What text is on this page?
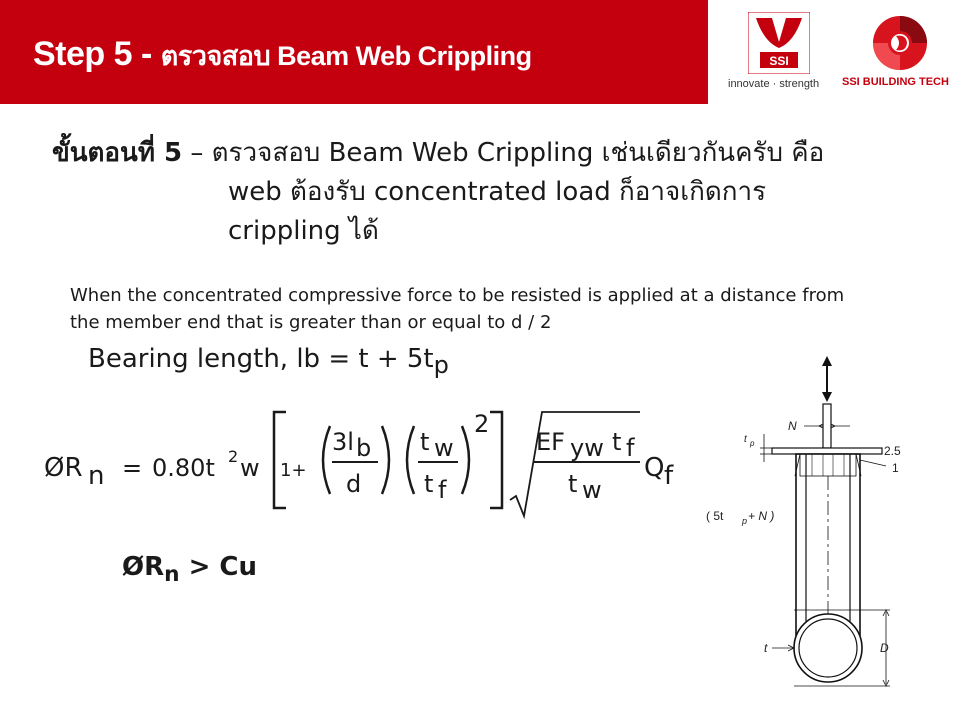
Step 5 - ตรวจสอบ Beam Web Crippling	SSI
innovate · strength SSI BUILDING TECH
ขั้นตอนที่ 5 – ตรวจสอบ Beam Web Crippling เช่นเดียวกันครับ คือ
web ต้องรับ concentrated load ก็อาจเกิดการ
crippling ได้
When the concentrated compressive force to be resisted is applied at a distance from the member end that is greater than or equal to d / 2
Bearing length, lb = $t + 5t_p$
ØR n = 0.80t 2 w 1+
3l b
d
t w
t f
2
EF yw t f
t w
Q f
$ØR_n > Cu$
N
t p
2.5
1
( 5t p + N )
D
t
